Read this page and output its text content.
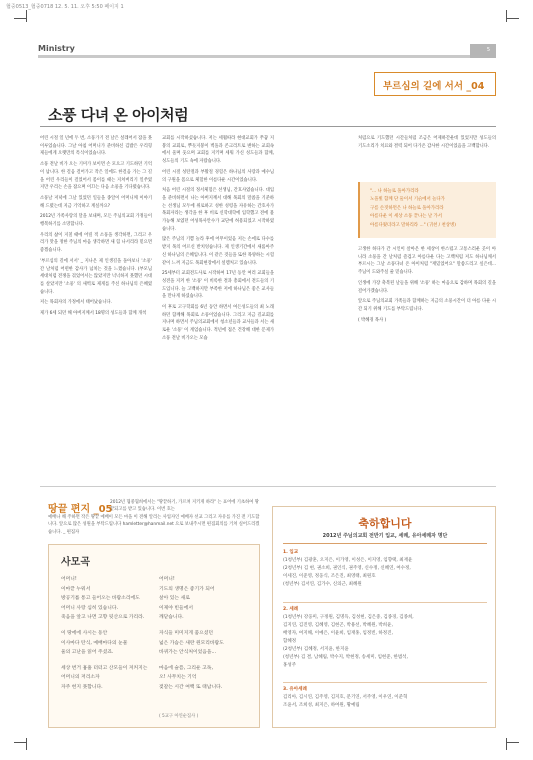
협중0513_협중0718 12. 5. 11. 오후 5:50 페이지 1
Ministry	5
부르심의 길에 서서 _04
소풍 다녀 온 아이처럼

어린 시절 일 년에 두 번, 소풍가기 전 날은 설레어서 잠을 못 이루었습니다. 그날 아침 어머니가 준비하신 김밥은 우리형제들에게 오랫만의 특식이었습니다.

소풍 전날 비가 오는 기미가 보이면 손 모으고 기도하던 기억이 납니다. 한 걸음 걸어가고 작은 일에도 한걸음 가는 그 길을 어린 우리들이 걸었어서 몸이를 때는 지쳐버리기 일쑤였지만 우리는 손을 잡으며 이끄는 다음 소풍을 기다렸습니다.

소풍날 저녁에 그날 있었던 일들을 종알이 어머니께 이야기 해 드렸는데 지금 기억하고 계실까요?

2012년 가족사랑의 달을 보내며, 모든 주님의교회 가정들이 행복하기를 소망합니다.

우리의 삶이 지칠 때에 어릴 적 소풍을 생각하면, 그리고 우리가 맛을 정한 주님의 마음 생각하면 새 힘 나서리라 믿으면 좋겠습니다.

'부르심의 길에 서서' _ 지나온 제 인생길을 돌아보니 '소풍' 간 날처럼 어떤한 감사가 넘치는 것을 느꼈습니다. (부모님 세대처럼 전쟁을 겪었어서는 않았지만 넉넉하지 못했던 시대를 살았지만 '소풍' 의 새벽로 제게를 주신 하나님의 은혜였습니다.

저는 목회자의 가정에서 태어났습니다.

제가 6세 되던 해 아버지께서 18명의 성도들과 함께 개척

교회를 시작하셨습니다. 저는 세월따라 현대교회가 쭈꿈 지붕의 교회로, 뿌듯지붕이 벽돌과 콘크리트로 변하는 교회속에서 울며 웃으며 교회를 지키며 세워 가신 성도들과 함께, 성도들의 기도 속에 자랐습니다.

어린 시절 성탄절과 부활절 경험은 하나님의 사랑과 예수님의 구원을 몸으로 체험한 이름다운 시간이었습니다.

처음 어린 시절의 정서체험은 선생님, 간호사였습니다. 대입을 준비하면서 나는 아버지께서 대해 목회의 말씀을 기준하는 선생님 모두에 위로하고 성한 성령을 자유하는 간호사가 목회자라는 생각을 한 후 비로 신학대학에 입학했고 전에 불가능해 보였던 어성목사안수가 교단에 허용되었고 시작하였습니다.

많은 주님의 기쁨 놀라 후에 어무이었음 저는 손에로 다수를 받지 목의 어르신 반치엉습니다. 제 인생기간에서 새롭아주신 하나님의 은혜입니다. 이 같은 것들을 또한 목양하는 시험같이 느껴 지금도 목회현장에서 설렘처고 있습니다.

25세부터 교회전도사로 시작하여 17년 동안 여러 교회들을 성전을 지켜 한 '소풍' 이 비록한 결과 총회에서 전도들의 기도입니다. 늘 고백하지만 부족한 저에 하나님은 좋은 교사들을 만나게 하셨습니다.

이 후로 고구학회를 6년 동안 하면서 여든성도들의 최 노래하던 함께해 목회로 소풍이었습니다. 그리고 지금 길교회를 지나며 하면서 주님의교회에서 청소년들과 교사들과 서는 새로운 '소풍' 이 계엄습니다. 적년에 접은 건강해 대한 문제가 소풍 전날 비가오는 모습

처럼으로 기도했던 시간들처럼 조금은 어제하간운데 있었지만 성도들의 기도소리가 치료와 결력 되어 다가온 감사한 시간이었음을 고백합니다.

"... 나 하늘로 돌아가리라
노을빛 함께 단 둘이서 기슭에서 놀다가
구름 손짓하면은 나 하늘로 돌아가리라
아름다운 이 세상 소풍 끝나는 날 가서
아름다웠더라고 말하리라 ..." (귀천 / 천상병)

고생한 하다가 간 시인이 살아온 한 세상이 한스럽고 고통스러운 곳이 아니라 소풍을 간 날처럼 즐겁고 아름다운 다는 고백처럼 저도 하나님께서 부르시는 그날 소풍다녀 온 아이처럼 "재밌었어요" 말씀드리고 싶은데... 주님이 도와주실 줄 믿습니다.

인생에 가장 축복된 날들을 위해 '소풍' 하는 마음으로 감하며 목회의 길을 걸어가겠습니다.

앞으로 주님의교회 가족들과 함께하는 지금의 소풍시간이 더 아름 다운 시간 되기 위해 기도를 부탁드립니다.

( 박혜경 목사 )

땅끝 편지 _05
2012년 협중협희에서는 "땅끝하기, 가르쳐 지키게 하라" 는 표어에 기초하여 땅끝되고를 받고 있습니다. 이번 호는
예배나 해 주하면 작은 땅끝 예배이 모든 마을 이 전해 알리는 사업자인 예배자 선교 그리고 자유를 가진 전 기도합니다. 앞으로 많은 성원을 부탁드립니다 hamletter@hanmail.net 으로 보내주시면 편집회의를 거쳐 실어드리겠습니다. _ 편집자
사모곡

어머니!
이마끝 누워서
방공기를 통고 들어오는 바람소리에도
어머니 사랑 심히 있습니다.
죽음을 앞고 나면 고향 뒷산으로 가리라.

이 땅에에 사시는 동안
이사마다 탄식, 예배마다의 눈물
울의 고난을 읽어 주셨죠.

세상 번거 흉흉 터터고 산모들이 져커지는
어머니의 저리소자
자주 헌지 못합니다.

어머니!
기도의 생명은 좋기가 되어
살아 있는 새로
이제야 빈들에서
깨닫습니다.

자식들 미미지게 품으셨던
넓은 가슴은 새란 원모리바람도
바퀴가는 안식처이었음을...

마음에 슬픔, 그리운 고독,
오! 사무치는 기억
젖갈는 시간 여백 또 태납니다.

( 5교구 아연순집사 )
축하합니다
2012년 주님의교회 전반기 입교, 세례, 유아세례자 명단
1. 입교
(1청년부) 김광훈, 오지은, 이가영, 이성은, 이지영, 임향택, 최재윤
(2청년부) 김 현, 권소희, 권인식, 권주영, 신수정, 신혜연, 여수정,
이세진, 이준영, 정웅식, 조은진, 최영태, 최원호
(청년부) 김서연, 김가수, 신의근, 최혜원
2. 세례
(1청년부) 강웅미, 구정원, 김명득, 김성현, 김은중, 김종경, 김종희,
김지연, 김진영, 김혜영, 김현곤, 박용선, 박혜원, 박희윤,
배영자, 여지해, 이예은, 이윤희, 임재홍, 임정빈, 하정진,
함혜정
(2청년부) 김혜정, 서지윤, 한지윤
(청년부) 김 결, 남혜림, 박수지, 박현정, 송세미, 임현준, 한범석,
홍성주
3. 유아세례
김리아, 김시연, 김주영, 김지호, 문기연, 서주영, 이우연, 이준혁
조윤서, 조희성, 최지은, 하여원, 황예림
